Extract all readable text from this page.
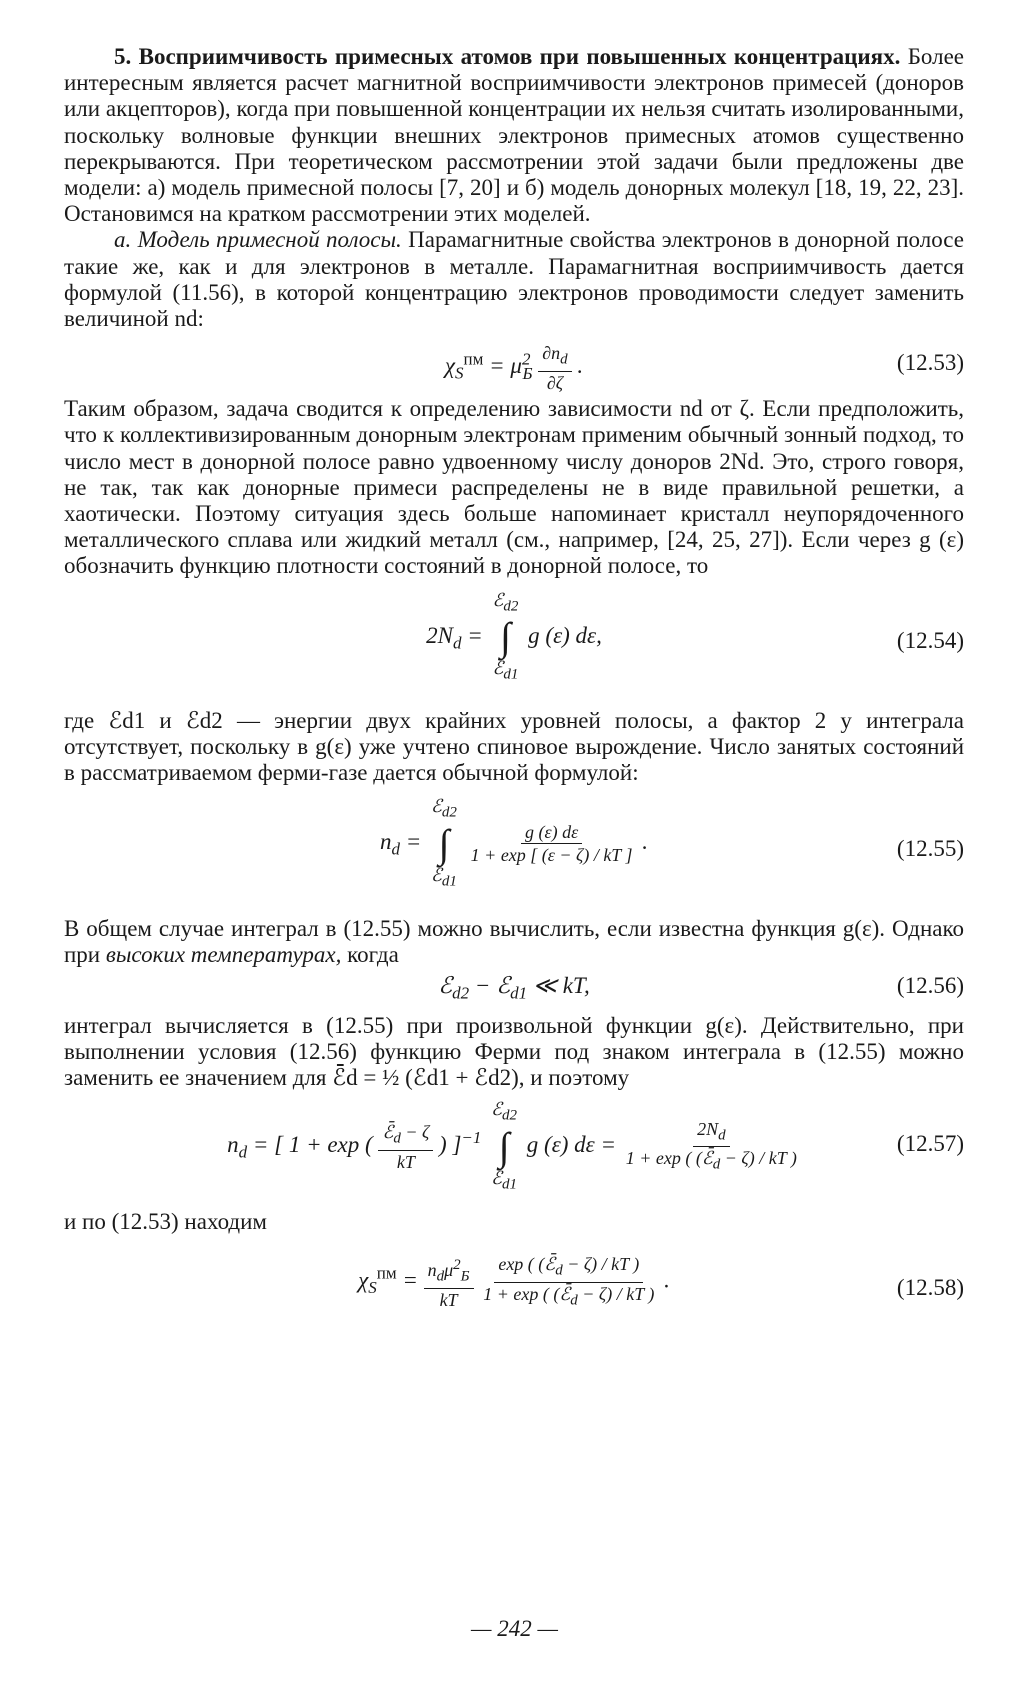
5. Восприимчивость примесных атомов при повышенных концентрациях. Более интересным является расчет магнитной восприимчивости электронов примесей (доноров или акцепторов), когда при повышенной концентрации их нельзя считать изолированными, поскольку волновые функции внешних электронов примесных атомов существенно перекрываются. При теоретическом рассмотрении этой задачи были предложены две модели: а) модель примесной полосы [7, 20] и б) модель донорных молекул [18, 19, 22, 23]. Остановимся на кратком рассмотрении этих моделей.

а. Модель примесной полосы. Парамагнитные свойства электронов в донорной полосе такие же, как и для электронов в металле. Парамагнитная восприимчивость дается формулой (11.56), в которой концентрацию электронов проводимости следует заменить величиной nd:

$\chi_S^{пм} = \mu^2_Б \frac{\partial n_d}{\partial\zeta}$ .	(12.53)

Таким образом, задача сводится к определению зависимости nd от ζ. Если предположить, что к коллективизированным донорным электронам применим обычный зонный подход, то число мест в донорной полосе равно удвоенному числу доноров 2Nd. Это, строго говоря, не так, так как донорные примеси распределены не в виде правильной решетки, а хаотически. Поэтому ситуация здесь больше напоминает кристалл неупорядоченного металлического сплава или жидкий металл (см., например, [24, 25, 27]). Если через g (ε) обозначить функцию плотности состояний в донорной полосе, то

$2N_d$ =
ℰ$_{d2}$
∫
ℰ$_{d1}$
g (ε) dε,	(12.54)

где ℰd1 и ℰd2 — энергии двух крайних уровней полосы, а фактор 2 у интеграла отсутствует, поскольку в g(ε) уже учтено спиновое вырождение. Число занятых состояний в рассматриваемом ферми-газе дается обычной формулой:

$n_d$ =
ℰ$_{d2}$
∫
ℰ$_{d1}$

$\frac{g (\varepsilon) d\varepsilon}{1 + \exp [ (\varepsilon - \zeta) / kT ]}$ .	(12.55)

В общем случае интеграл в (12.55) можно вычислить, если известна функция g(ε). Однако при высоких температурах, когда

ℰ$_{d2}$ − ℰ$_{d1}$ ≪ kT,	(12.56)

интеграл вычисляется в (12.55) при произвольной функции g(ε). Действительно, при выполнении условия (12.56) функцию Ферми под знаком интеграла в (12.55) можно заменить ее значением для ℰ̄d = ½ (ℰd1 + ℰd2), и поэтому

$n_d$ = [ 1 + exp ( $\frac{ℰ̄_d - \zeta}{kT}$ ) ]$^{-1}$
ℰ$_{d2}$
∫
ℰ$_{d1}$
g (ε) $d\varepsilon = \frac{2N_d}{1 + \exp ( (ℰ̄_d - \zeta) / kT )}$	(12.57)

и по (12.53) находим

$\chi_S^{пм} = \frac{n_d\mu^2_Б}{kT}$
$\frac{\exp ( (ℰ̄_d - \zeta) / kT )}{1 + \exp ( (ℰ̄_d - \zeta) / kT )}$ .	(12.58)
— 242 —
